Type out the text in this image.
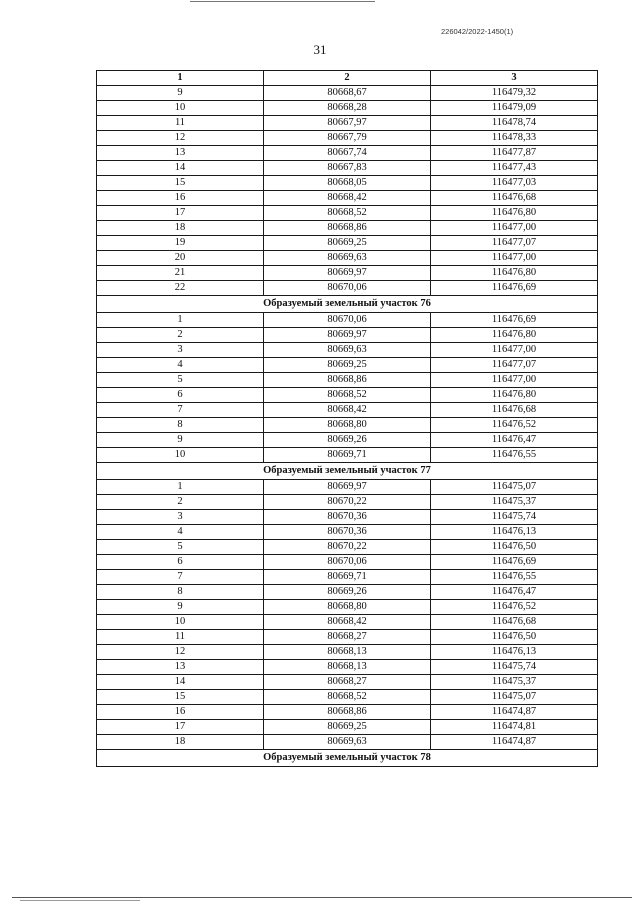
226042/2022-1450(1)
31
1	2	3
9	80668,67	116479,32
10	80668,28	116479,09
11	80667,97	116478,74
12	80667,79	116478,33
13	80667,74	116477,87
14	80667,83	116477,43
15	80668,05	116477,03
16	80668,42	116476,68
17	80668,52	116476,80
18	80668,86	116477,00
19	80669,25	116477,07
20	80669,63	116477,00
21	80669,97	116476,80
22	80670,06	116476,69
Образуемый земельный участок 76		
1	80670,06	116476,69
2	80669,97	116476,80
3	80669,63	116477,00
4	80669,25	116477,07
5	80668,86	116477,00
6	80668,52	116476,80
7	80668,42	116476,68
8	80668,80	116476,52
9	80669,26	116476,47
10	80669,71	116476,55
Образуемый земельный участок 77		
1	80669,97	116475,07
2	80670,22	116475,37
3	80670,36	116475,74
4	80670,36	116476,13
5	80670,22	116476,50
6	80670,06	116476,69
7	80669,71	116476,55
8	80669,26	116476,47
9	80668,80	116476,52
10	80668,42	116476,68
11	80668,27	116476,50
12	80668,13	116476,13
13	80668,13	116475,74
14	80668,27	116475,37
15	80668,52	116475,07
16	80668,86	116474,87
17	80669,25	116474,81
18	80669,63	116474,87
Образуемый земельный участок 78		
